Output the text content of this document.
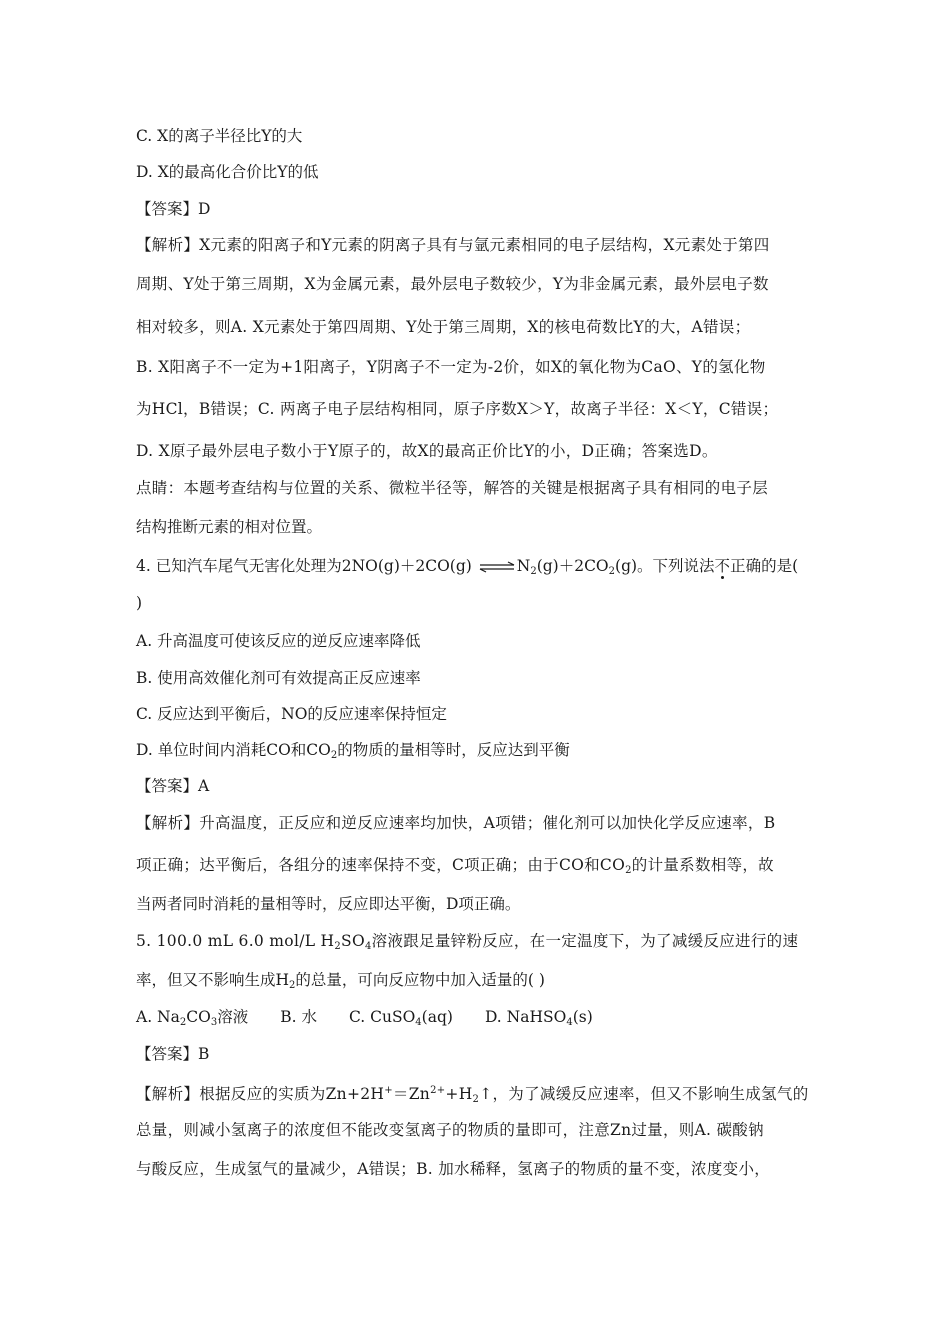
C. X的离子半径比Y的大
D. X的最高化合价比Y的低
【答案】D
【解析】X元素的阳离子和Y元素的阴离子具有与氩元素相同的电子层结构，X元素处于第四
周期、Y处于第三周期，X为金属元素，最外层电子数较少，Y为非金属元素，最外层电子数
相对较多，则A. X元素处于第四周期、Y处于第三周期，X的核电荷数比Y的大，A错误；
B. X阳离子不一定为+1阳离子，Y阴离子不一定为-2价，如X的氧化物为CaO、Y的氢化物
为HCl，B错误；C. 两离子电子层结构相同，原子序数X＞Y，故离子半径：X＜Y，C错误；
D. X原子最外层电子数小于Y原子的，故X的最高正价比Y的小，D正确；答案选D。
点睛：本题考查结构与位置的关系、微粒半径等，解答的关键是根据离子具有相同的电子层
结构推断元素的相对位置。
4. 已知汽车尾气无害化处理为2NO(g)＋2CO(g) $\rightleftharpoons N_2(g)+2CO_2(g)$。下列说法不正确的是(
)
A. 升高温度可使该反应的逆反应速率降低
B. 使用高效催化剂可有效提高正反应速率
C. 反应达到平衡后，NO的反应速率保持恒定
D. 单位时间内消耗CO和$CO_2$的物质的量相等时，反应达到平衡
【答案】A
【解析】升高温度，正反应和逆反应速率均加快，A项错；催化剂可以加快化学反应速率，B
项正确；达平衡后，各组分的速率保持不变，C项正确；由于CO和$CO_2$的计量系数相等，故
当两者同时消耗的量相等时，反应即达平衡，D项正确。
5. 100.0 mL 6.0 mol/L $H_2SO_4$溶液跟足量锌粉反应，在一定温度下，为了减缓反应进行的速
率，但又不影响生成$H_2$的总量，可向反应物中加入适量的( )
A. $Na_2CO_3$溶液 B. 水 C. CuSO$_4$(aq) D. NaHSO$_4$(s)
【答案】B
【解析】根据反应的实质为$Zn+2H^+=Zn^{2+}+H_2↑$，为了减缓反应速率，但又不影响生成氢气的
总量，则减小氢离子的浓度但不能改变氢离子的物质的量即可，注意Zn过量，则A. 碳酸钠
与酸反应，生成氢气的量减少，A错误；B. 加水稀释，氢离子的物质的量不变，浓度变小，
